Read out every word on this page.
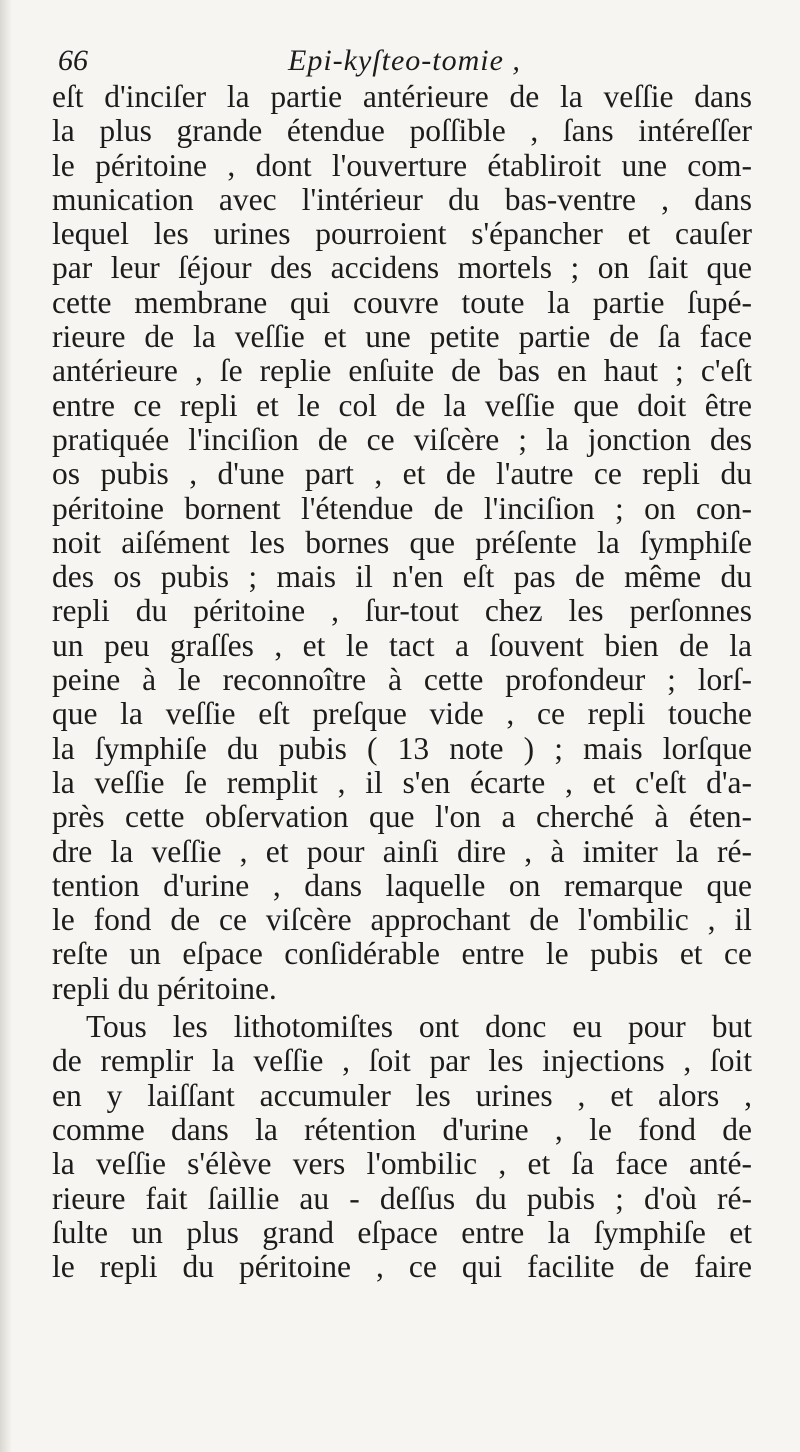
66	Epi-kyſteo-tomie ,
eſt d'inciſer la partie antérieure de la veſſie dans
la plus grande étendue poſſible , ſans intéreſſer
le péritoine , dont l'ouverture établiroit une com-
munication avec l'intérieur du bas-ventre , dans
lequel les urines pourroient s'épancher et cauſer
par leur ſéjour des accidens mortels ; on ſait que
cette membrane qui couvre toute la partie ſupé-
rieure de la veſſie et une petite partie de ſa face
antérieure , ſe replie enſuite de bas en haut ; c'eſt
entre ce repli et le col de la veſſie que doit être
pratiquée l'inciſion de ce viſcère ; la jonction des
os pubis , d'une part , et de l'autre ce repli du
péritoine bornent l'étendue de l'inciſion ; on con-
noit aiſément les bornes que préſente la ſymphiſe
des os pubis ; mais il n'en eſt pas de même du
repli du péritoine , ſur-tout chez les perſonnes
un peu graſſes , et le tact a ſouvent bien de la
peine à le reconnoître à cette profondeur ; lorſ-
que la veſſie eſt preſque vide , ce repli touche
la ſymphiſe du pubis ( 13 note ) ; mais lorſque
la veſſie ſe remplit , il s'en écarte , et c'eſt d'a-
près cette obſervation que l'on a cherché à éten-
dre la veſſie , et pour ainſi dire , à imiter la ré-
tention d'urine , dans laquelle on remarque que
le fond de ce viſcère approchant de l'ombilic , il
reſte un eſpace conſidérable entre le pubis et ce
repli du péritoine.
Tous les lithotomiſtes ont donc eu pour but
de remplir la veſſie , ſoit par les injections , ſoit
en y laiſſant accumuler les urines , et alors ,
comme dans la rétention d'urine , le fond de
la veſſie s'élève vers l'ombilic , et ſa face anté-
rieure fait ſaillie au - deſſus du pubis ; d'où ré-
ſulte un plus grand eſpace entre la ſymphiſe et
le repli du péritoine , ce qui facilite de faire
